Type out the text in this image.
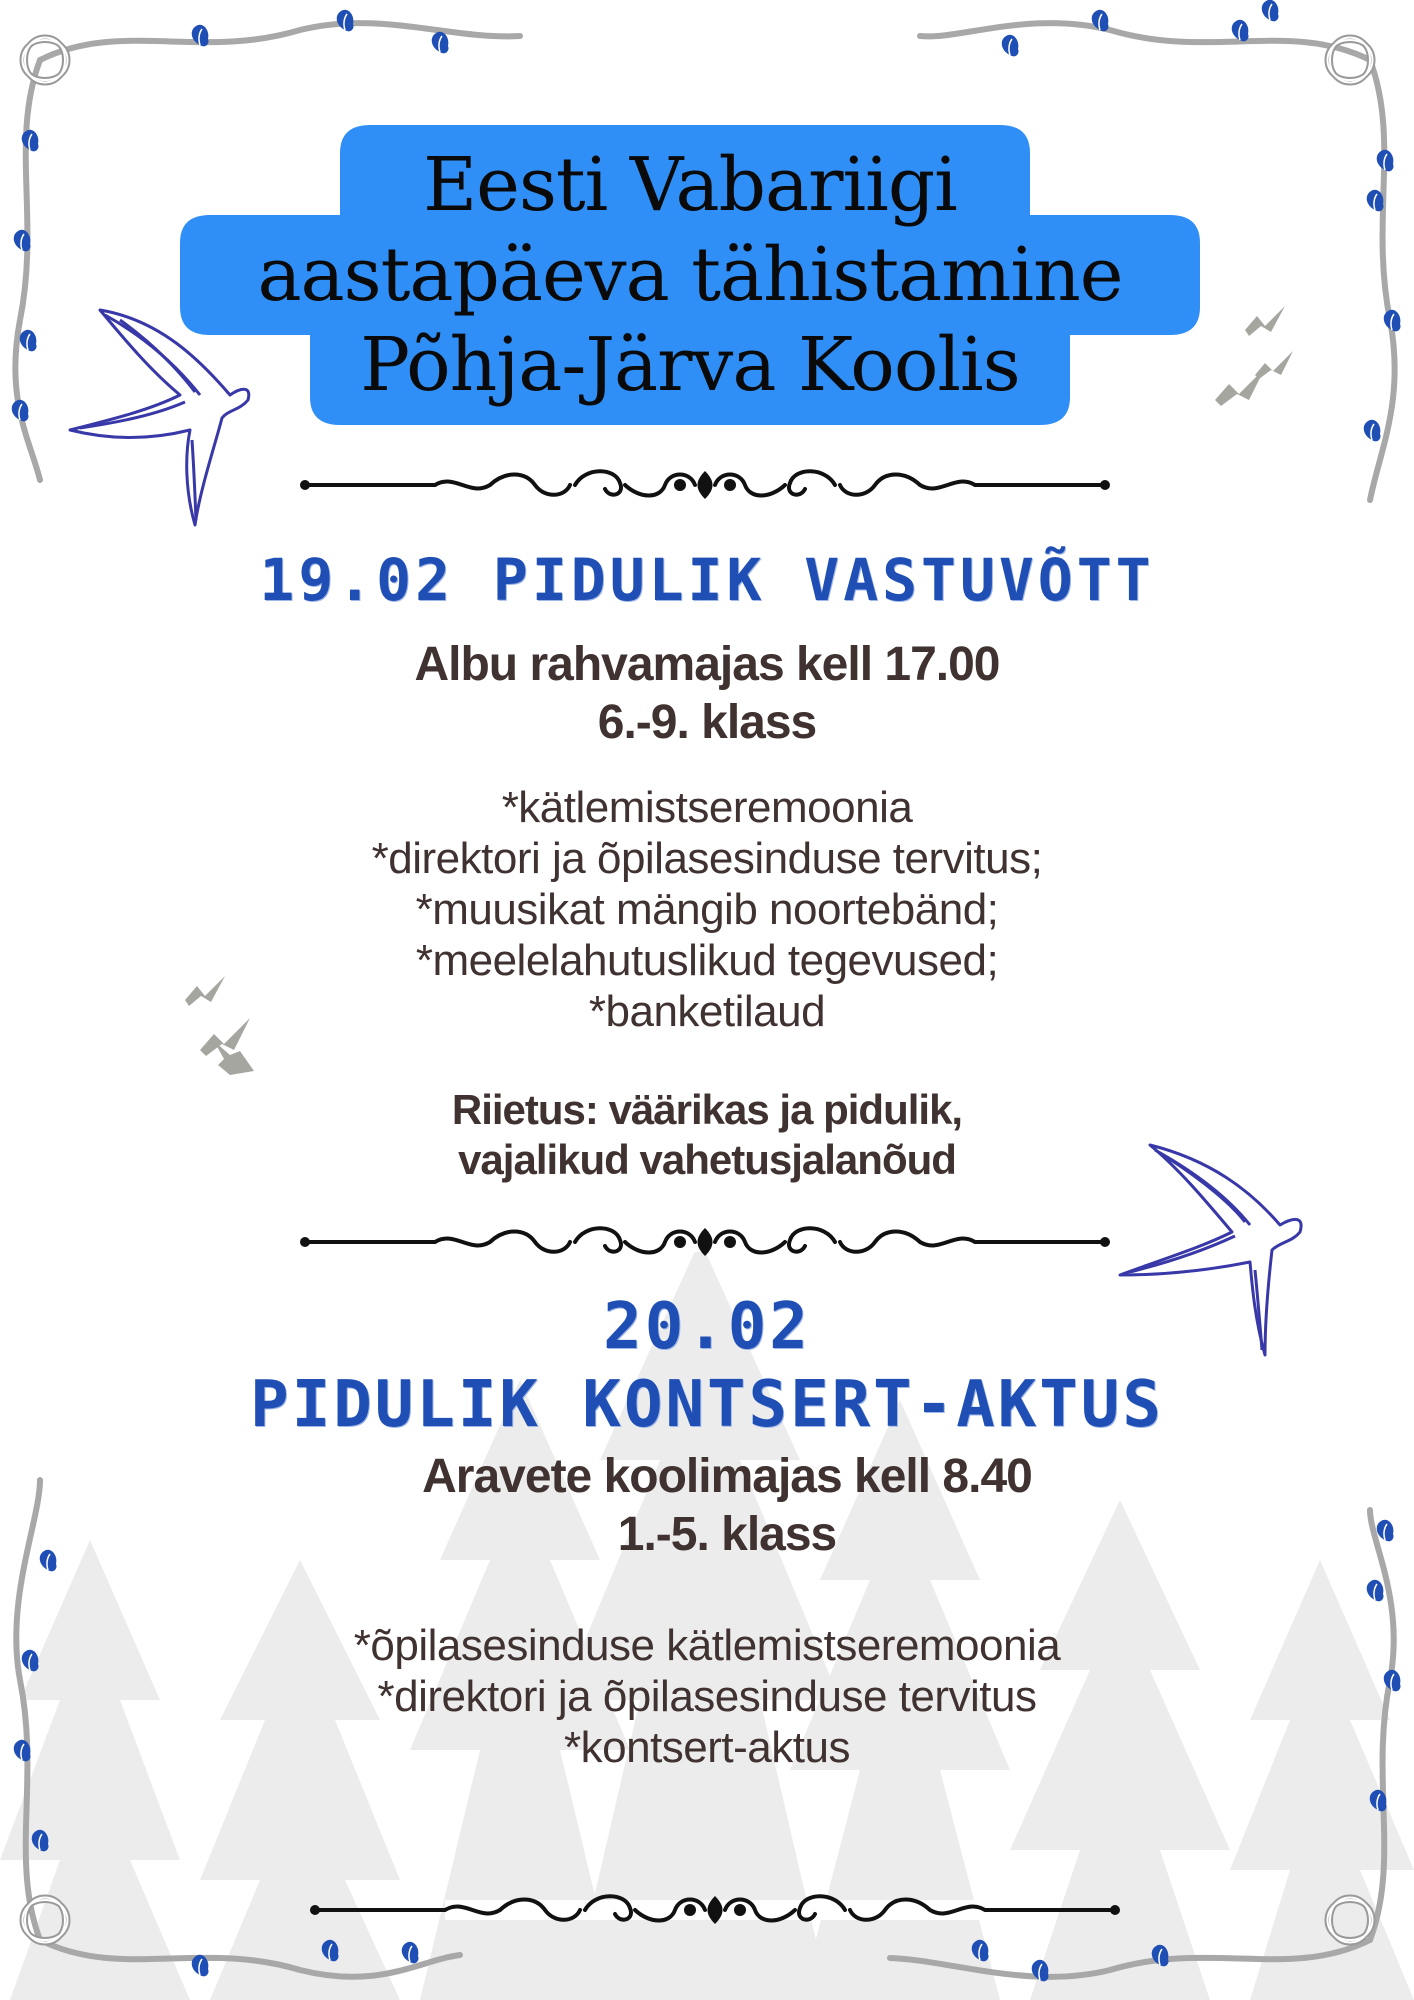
Eesti Vabariigi
aastapäeva tähistamine
Põhja-Järva Koolis
19.02 PIDULIK VASTUVÕTT
Albu rahvamajas kell 17.00
6.-9. klass
*kätlemistseremoonia
*direktori ja õpilasesinduse tervitus;
*muusikat mängib noortebänd;
*meelelahutuslikud tegevused;
*banketilaud
Riietus: väärikas ja pidulik,
vajalikud vahetusjalanõud
20.02
PIDULIK KONTSERT-AKTUS
Aravete koolimajas kell 8.40
1.-5. klass
*õpilasesinduse kätlemistseremoonia
*direktori ja õpilasesinduse tervitus
*kontsert-aktus
